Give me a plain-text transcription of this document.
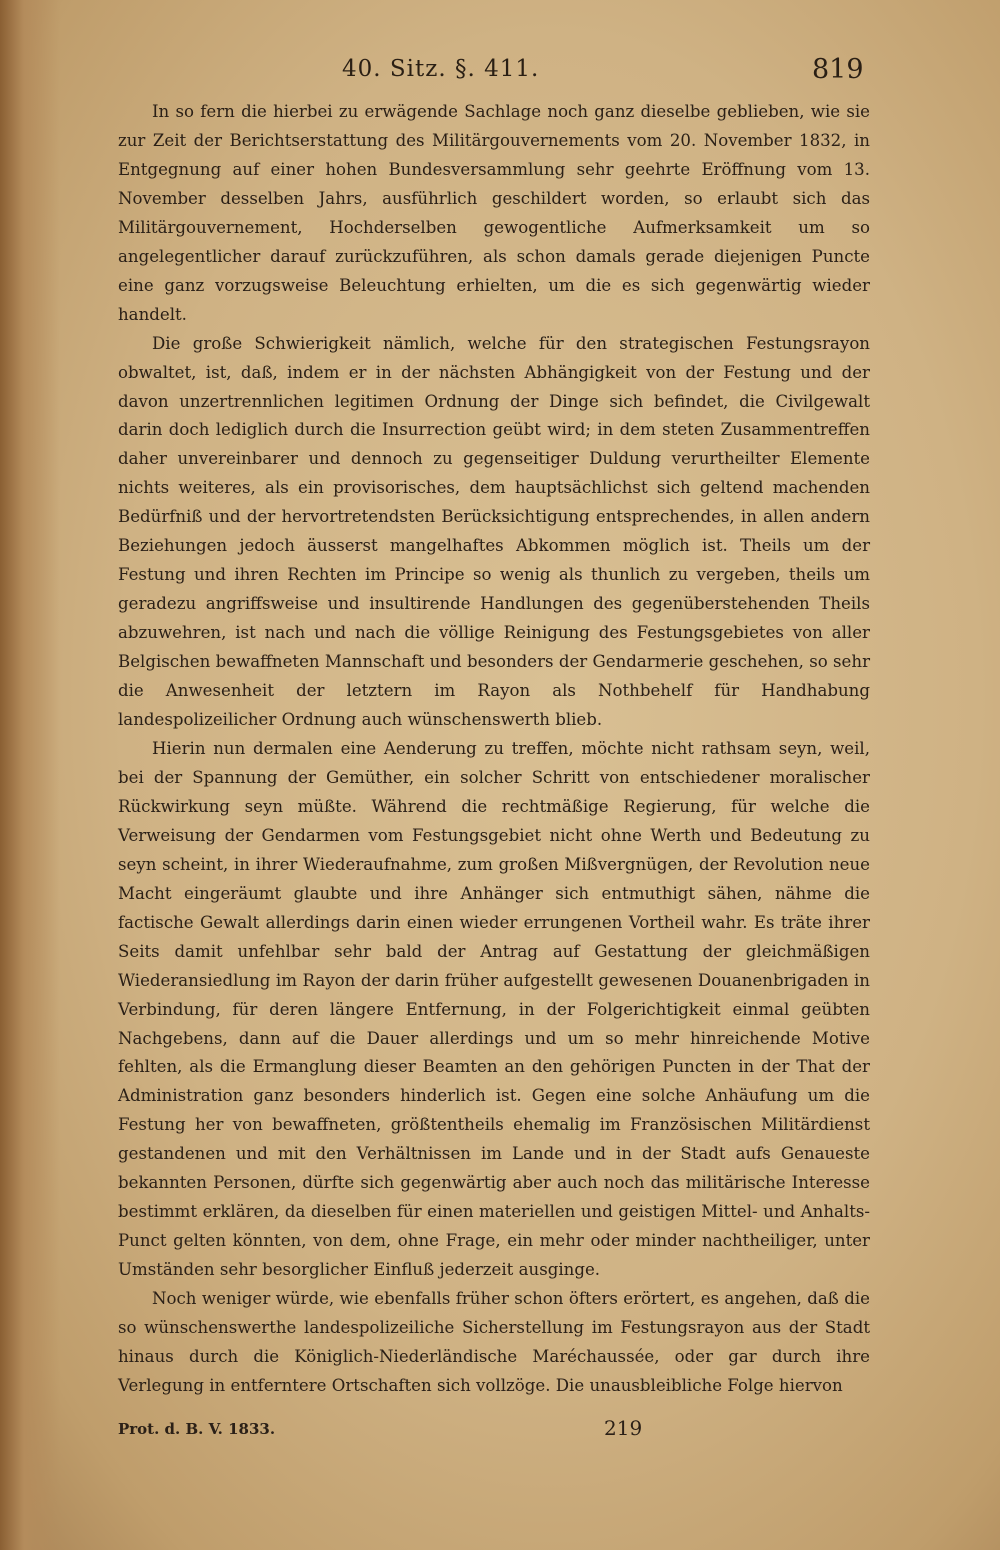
40. Sitz. §. 411.	819

In so fern die hierbei zu erwägende Sachlage noch ganz dieselbe geblieben, wie sie zur Zeit der Berichtserstattung des Militärgouvernements vom 20. November 1832, in Entgegnung auf einer hohen Bundesversammlung sehr geehrte Eröffnung vom 13. November desselben Jahrs, ausführlich geschildert worden, so erlaubt sich das Militärgouvernement, Hochderselben gewogentliche Aufmerksamkeit um so angelegentlicher darauf zurückzuführen, als schon damals gerade diejenigen Puncte eine ganz vorzugsweise Beleuchtung erhielten, um die es sich gegenwärtig wieder handelt.

Die große Schwierigkeit nämlich, welche für den strategischen Festungsrayon obwaltet, ist, daß, indem er in der nächsten Abhängigkeit von der Festung und der davon unzertrennlichen legitimen Ordnung der Dinge sich befindet, die Civilgewalt darin doch lediglich durch die Insurrection geübt wird; in dem steten Zusammentreffen daher unvereinbarer und dennoch zu gegenseitiger Duldung verurtheilter Elemente nichts weiteres, als ein provisorisches, dem hauptsächlichst sich geltend machenden Bedürfniß und der hervortretendsten Berücksichtigung entsprechendes, in allen andern Beziehungen jedoch äusserst mangelhaftes Abkommen möglich ist. Theils um der Festung und ihren Rechten im Principe so wenig als thunlich zu vergeben, theils um geradezu angriffsweise und insultirende Handlungen des gegenüberstehenden Theils abzuwehren, ist nach und nach die völlige Reinigung des Festungsgebietes von aller Belgischen bewaffneten Mannschaft und besonders der Gendarmerie geschehen, so sehr die Anwesenheit der letztern im Rayon als Nothbehelf für Handhabung landespolizeilicher Ordnung auch wünschenswerth blieb.

Hierin nun dermalen eine Aenderung zu treffen, möchte nicht rathsam seyn, weil, bei der Spannung der Gemüther, ein solcher Schritt von entschiedener moralischer Rückwirkung seyn müßte. Während die rechtmäßige Regierung, für welche die Verweisung der Gendarmen vom Festungsgebiet nicht ohne Werth und Bedeutung zu seyn scheint, in ihrer Wiederaufnahme, zum großen Mißvergnügen, der Revolution neue Macht eingeräumt glaubte und ihre Anhänger sich entmuthigt sähen, nähme die factische Gewalt allerdings darin einen wieder errungenen Vortheil wahr. Es träte ihrer Seits damit unfehlbar sehr bald der Antrag auf Gestattung der gleichmäßigen Wiederansiedlung im Rayon der darin früher aufgestellt gewesenen Douanenbrigaden in Verbindung, für deren längere Entfernung, in der Folgerichtigkeit einmal geübten Nachgebens, dann auf die Dauer allerdings und um so mehr hinreichende Motive fehlten, als die Ermanglung dieser Beamten an den gehörigen Puncten in der That der Administration ganz besonders hinderlich ist. Gegen eine solche Anhäufung um die Festung her von bewaffneten, größtentheils ehemalig im Französischen Militärdienst gestandenen und mit den Verhältnissen im Lande und in der Stadt aufs Genaueste bekannten Personen, dürfte sich gegenwärtig aber auch noch das militärische Interesse bestimmt erklären, da dieselben für einen materiellen und geistigen Mittel- und Anhalts-Punct gelten könnten, von dem, ohne Frage, ein mehr oder minder nachtheiliger, unter Umständen sehr besorglicher Einfluß jederzeit ausginge.

Noch weniger würde, wie ebenfalls früher schon öfters erörtert, es angehen, daß die so wünschenswerthe landespolizeiliche Sicherstellung im Festungsrayon aus der Stadt hinaus durch die Königlich-Niederländische Maréchaussée, oder gar durch ihre Verlegung in entferntere Ortschaften sich vollzöge. Die unausbleibliche Folge hiervon

Prot. d. B. V. 1833.	219
